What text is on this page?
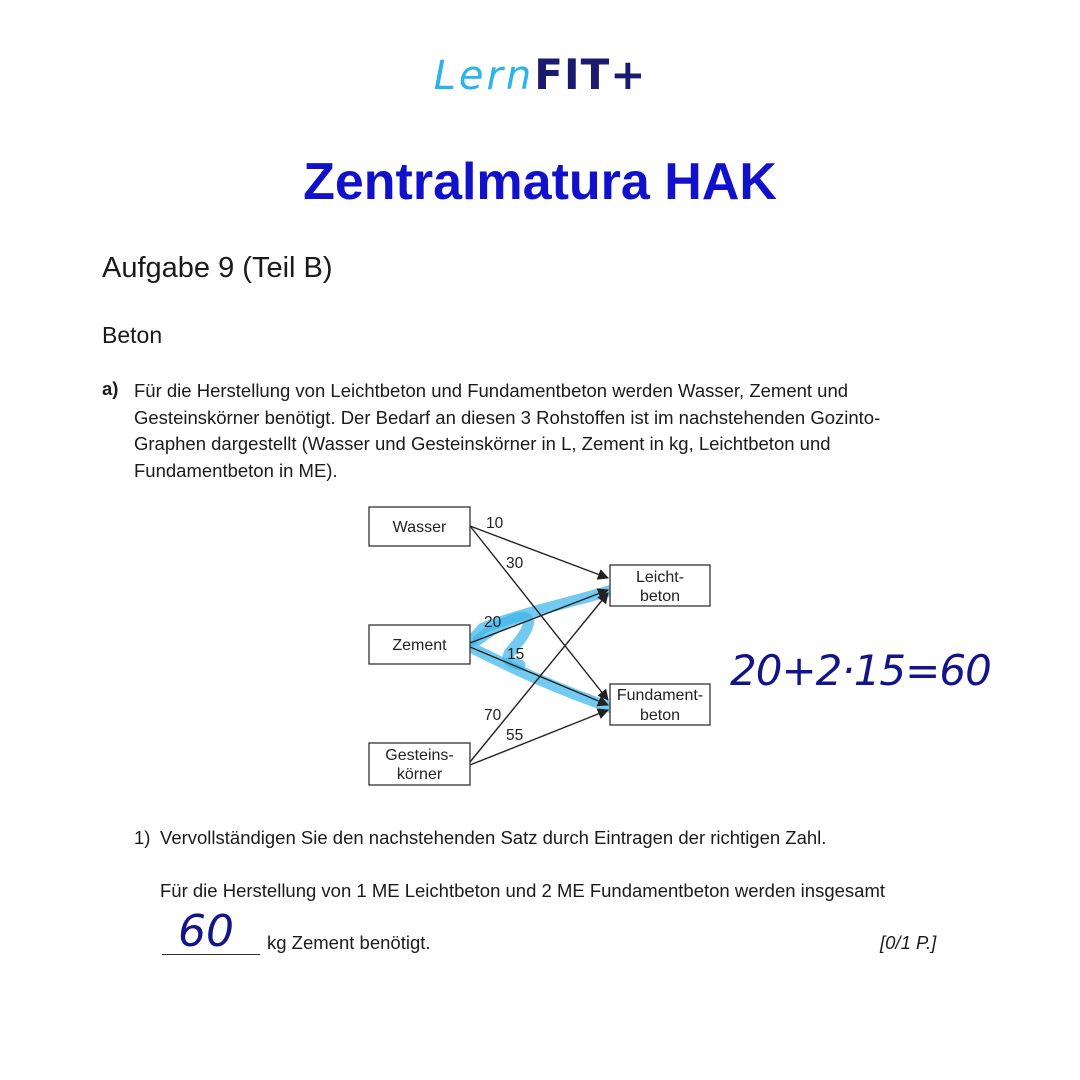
LernFIT+
Zentralmatura HAK
Aufgabe 9 (Teil B)
Beton
a) Für die Herstellung von Leichtbeton und Fundamentbeton werden Wasser, Zement und
Gesteinskörner benötigt. Der Bedarf an diesen 3 Rohstoffen ist im nachstehenden Gozinto-
Graphen dargestellt (Wasser und Gesteinskörner in L, Zement in kg, Leichtbeton und
Fundamentbeton in ME).
10
30
20
15
70
55
Wasser
Zement
Gesteins-
körner
Leicht-
beton
Fundament-
beton
20+2·15=60
1) Vervollständigen Sie den nachstehenden Satz durch Eintragen der richtigen Zahl.
Für die Herstellung von 1 ME Leichtbeton und 2 ME Fundamentbeton werden insgesamt
60 kg Zement benötigt.	[0/1 P.]
